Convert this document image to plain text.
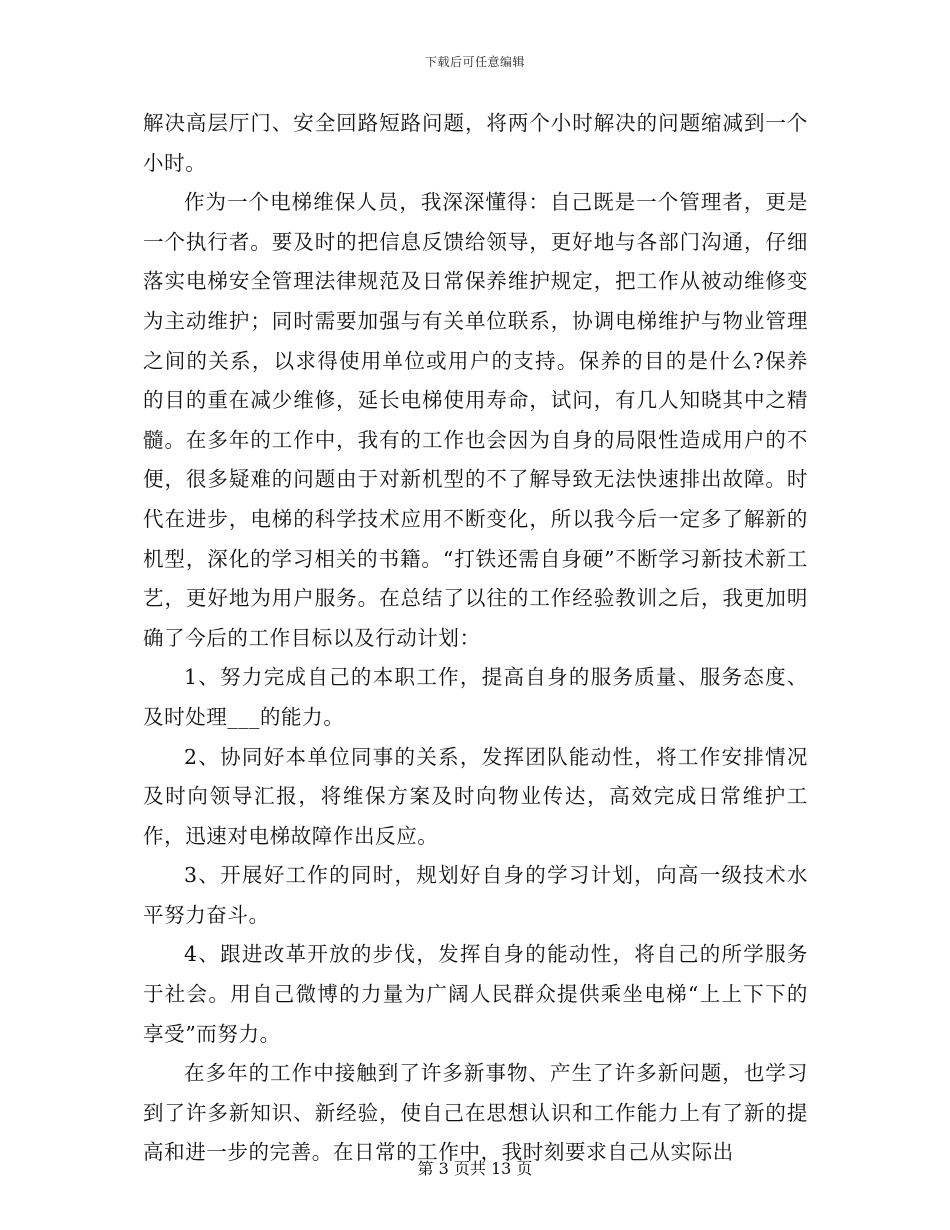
下载后可任意编辑

解决高层厅门、安全回路短路问题，将两个小时解决的问题缩减到一个小时。

作为一个电梯维保人员，我深深懂得：自己既是一个管理者，更是一个执行者。要及时的把信息反馈给领导，更好地与各部门沟通，仔细落实电梯安全管理法律规范及日常保养维护规定，把工作从被动维修变为主动维护；同时需要加强与有关单位联系，协调电梯维护与物业管理之间的关系，以求得使用单位或用户的支持。保养的目的是什么?保养的目的重在减少维修，延长电梯使用寿命，试问，有几人知晓其中之精髓。在多年的工作中，我有的工作也会因为自身的局限性造成用户的不便，很多疑难的问题由于对新机型的不了解导致无法快速排出故障。时代在进步，电梯的科学技术应用不断变化，所以我今后一定多了解新的机型，深化的学习相关的书籍。“打铁还需自身硬”不断学习新技术新工艺，更好地为用户服务。在总结了以往的工作经验教训之后，我更加明确了今后的工作目标以及行动计划：

1、努力完成自己的本职工作，提高自身的服务质量、服务态度、及时处理___的能力。

2、协同好本单位同事的关系，发挥团队能动性，将工作安排情况及时向领导汇报，将维保方案及时向物业传达，高效完成日常维护工作，迅速对电梯故障作出反应。

3、开展好工作的同时，规划好自身的学习计划，向高一级技术水平努力奋斗。

4、跟进改革开放的步伐，发挥自身的能动性，将自己的所学服务于社会。用自己微博的力量为广阔人民群众提供乘坐电梯“上上下下的享受”而努力。

在多年的工作中接触到了许多新事物、产生了许多新问题，也学习到了许多新知识、新经验，使自己在思想认识和工作能力上有了新的提高和进一步的完善。在日常的工作中，我时刻要求自己从实际出

第 3 页共 13 页
